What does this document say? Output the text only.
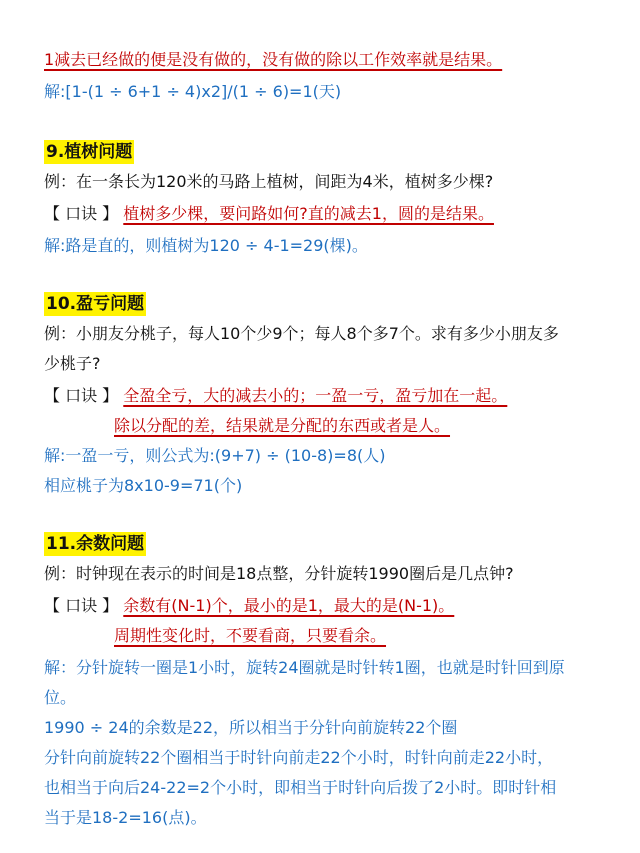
1减去已经做的便是没有做的，没有做的除以工作效率就是结果。
解:[1-(1 ÷ 6+1 ÷ 4)x2]/(1 ÷ 6)=1(天)
9.植树问题
例：在一条长为120米的马路上植树，间距为4米，植树多少棵?
【 口诀 】 植树多少棵，要问路如何?直的减去1，圆的是结果。
解:路是直的，则植树为120 ÷ 4-1=29(棵)。
10.盈亏问题
例：小朋友分桃子，每人10个少9个；每人8个多7个。求有多少小朋友多
少桃子?
【 口诀 】 全盈全亏，大的减去小的；一盈一亏，盈亏加在一起。
除以分配的差，结果就是分配的东西或者是人。
解:一盈一亏，则公式为:(9+7) ÷ (10-8)=8(人)
相应桃子为8x10-9=71(个)
11.余数问题
例：时钟现在表示的时间是18点整，分针旋转1990圈后是几点钟?
【 口诀 】 余数有(N-1)个，最小的是1，最大的是(N-1)。
周期性变化时，不要看商，只要看余。
解：分针旋转一圈是1小时，旋转24圈就是时针转1圈，也就是时针回到原
位。
1990 ÷ 24的余数是22，所以相当于分针向前旋转22个圈
分针向前旋转22个圈相当于时针向前走22个小时，时针向前走22小时，
也相当于向后24-22=2个小时，即相当于时针向后拨了2小时。即时针相
当于是18-2=16(点)。
